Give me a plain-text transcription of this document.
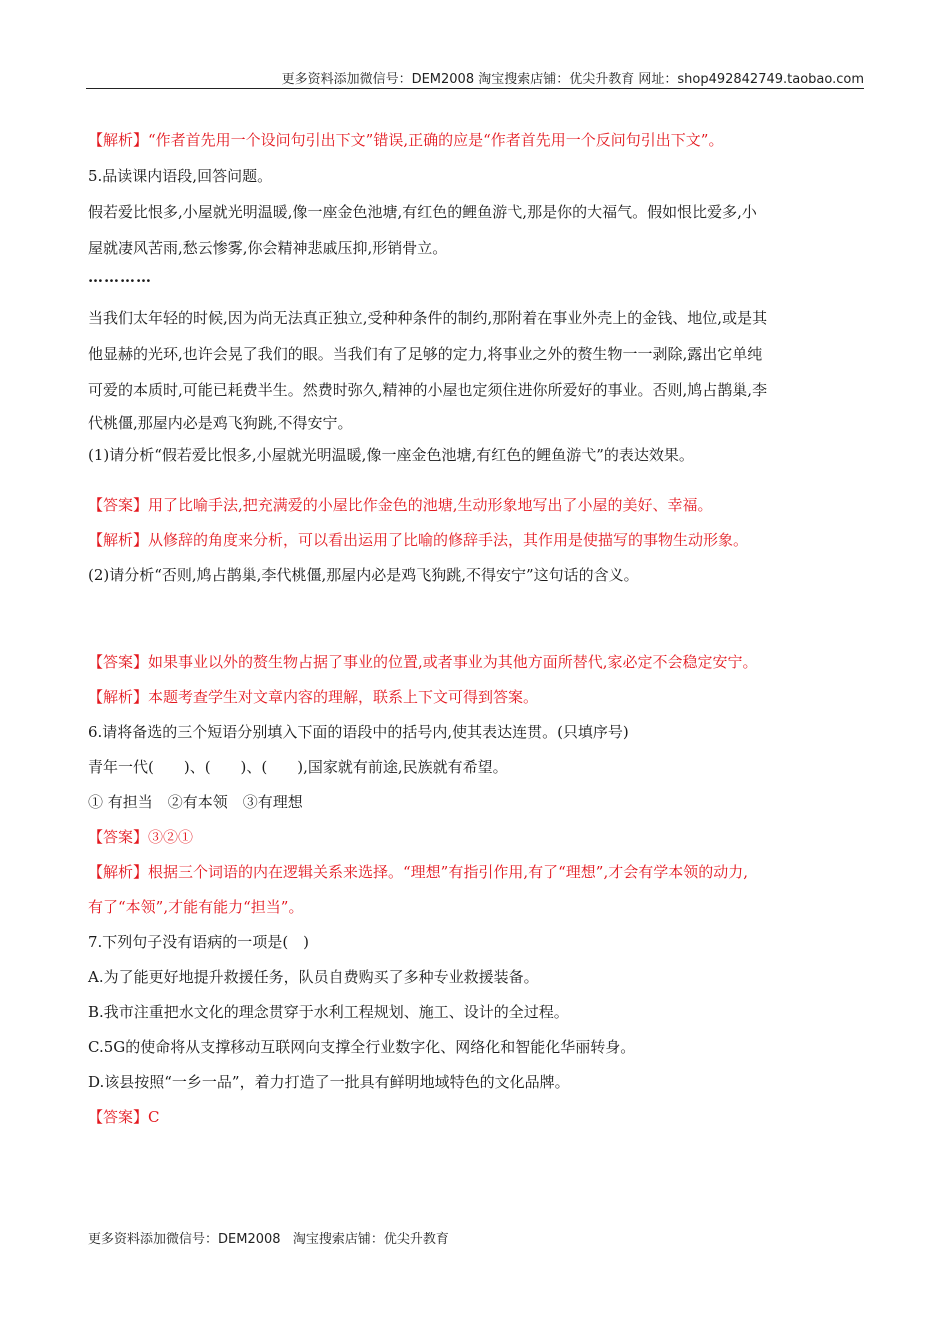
更多资料添加微信号：DEM2008 淘宝搜索店铺：优尖升教育 网址：shop492842749.taobao.com

【解析】“作者首先用一个设问句引出下文”错误,正确的应是“作者首先用一个反问句引出下文”。

5.品读课内语段,回答问题。

假若爱比恨多,小屋就光明温暖,像一座金色池塘,有红色的鲤鱼游弋,那是你的大福气。假如恨比爱多,小

屋就凄风苦雨,愁云惨雾,你会精神悲戚压抑,形销骨立。

…………

当我们太年轻的时候,因为尚无法真正独立,受种种条件的制约,那附着在事业外壳上的金钱、地位,或是其

他显赫的光环,也许会晃了我们的眼。当我们有了足够的定力,将事业之外的赘生物一一剥除,露出它单纯

可爱的本质时,可能已耗费半生。然费时弥久,精神的小屋也定须住进你所爱好的事业。否则,鸠占鹊巢,李

代桃僵,那屋内必是鸡飞狗跳,不得安宁。

(1)请分析“假若爱比恨多,小屋就光明温暖,像一座金色池塘,有红色的鲤鱼游弋”的表达效果。

【答案】用了比喻手法,把充满爱的小屋比作金色的池塘,生动形象地写出了小屋的美好、幸福。

【解析】从修辞的角度来分析，可以看出运用了比喻的修辞手法，其作用是使描写的事物生动形象。

(2)请分析“否则,鸠占鹊巢,李代桃僵,那屋内必是鸡飞狗跳,不得安宁”这句话的含义。

【答案】如果事业以外的赘生物占据了事业的位置,或者事业为其他方面所替代,家必定不会稳定安宁。

【解析】本题考查学生对文章内容的理解，联系上下文可得到答案。

6.请将备选的三个短语分别填入下面的语段中的括号内,使其表达连贯。(只填序号)

青年一代(　　)、(　　)、(　　),国家就有前途,民族就有希望。

① 有担当　②有本领　③有理想

【答案】③②①

【解析】根据三个词语的内在逻辑关系来选择。“理想”有指引作用,有了“理想”,才会有学本领的动力,

有了“本领”,才能有能力“担当”。

7.下列句子没有语病的一项是(　)

A.为了能更好地提升救援任务，队员自费购买了多种专业救援装备。

B.我市注重把水文化的理念贯穿于水利工程规划、施工、设计的全过程。

C.5G的使命将从支撑移动互联网向支撑全行业数字化、网络化和智能化华丽转身。

D.该县按照“一乡一品”，着力打造了一批具有鲜明地域特色的文化品牌。

【答案】C

更多资料添加微信号：DEM2008   淘宝搜索店铺：优尖升教育
